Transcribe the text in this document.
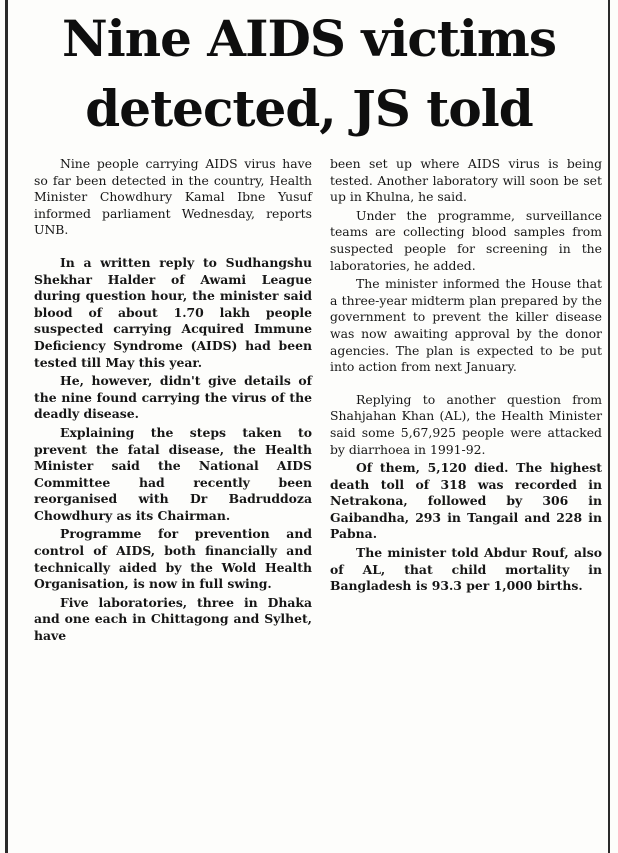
Nine AIDS victims
detected, JS told

Nine people carrying AIDS virus have so far been detected in the country, Health Minister Chowdhury Kamal Ibne Yusuf informed parliament Wednesday, reports UNB.

In a written reply to Sudhangshu Shekhar Halder of Awami League during question hour, the minister said blood of about 1.70 lakh people suspected carrying Acquired Immune Deficiency Syndrome (AIDS) had been tested till May this year.

He, however, didn't give details of the nine found carrying the virus of the deadly disease.

Explaining the steps taken to prevent the fatal disease, the Health Minister said the National AIDS Committee had recently been reorganised with Dr Badruddoza Chowdhury as its Chairman.

Programme for prevention and control of AIDS, both financially and technically aided by the Wold Health Organisation, is now in full swing.

Five laboratories, three in Dhaka and one each in Chittagong and Sylhet, have

been set up where AIDS virus is being tested. Another laboratory will soon be set up in Khulna, he said.

Under the programme, surveillance teams are collecting blood samples from suspected people for screening in the laboratories, he added.

The minister informed the House that a three-year midterm plan prepared by the government to prevent the killer disease was now awaiting approval by the donor agencies. The plan is expected to be put into action from next January.

Replying to another question from Shahjahan Khan (AL), the Health Minister said some 5,67,925 people were attacked by diarrhoea in 1991-92.

Of them, 5,120 died. The highest death toll of 318 was recorded in Netrakona, followed by 306 in Gaibandha, 293 in Tangail and 228 in Pabna.

The minister told Abdur Rouf, also of AL, that child mortality in Bangladesh is 93.3 per 1,000 births.
